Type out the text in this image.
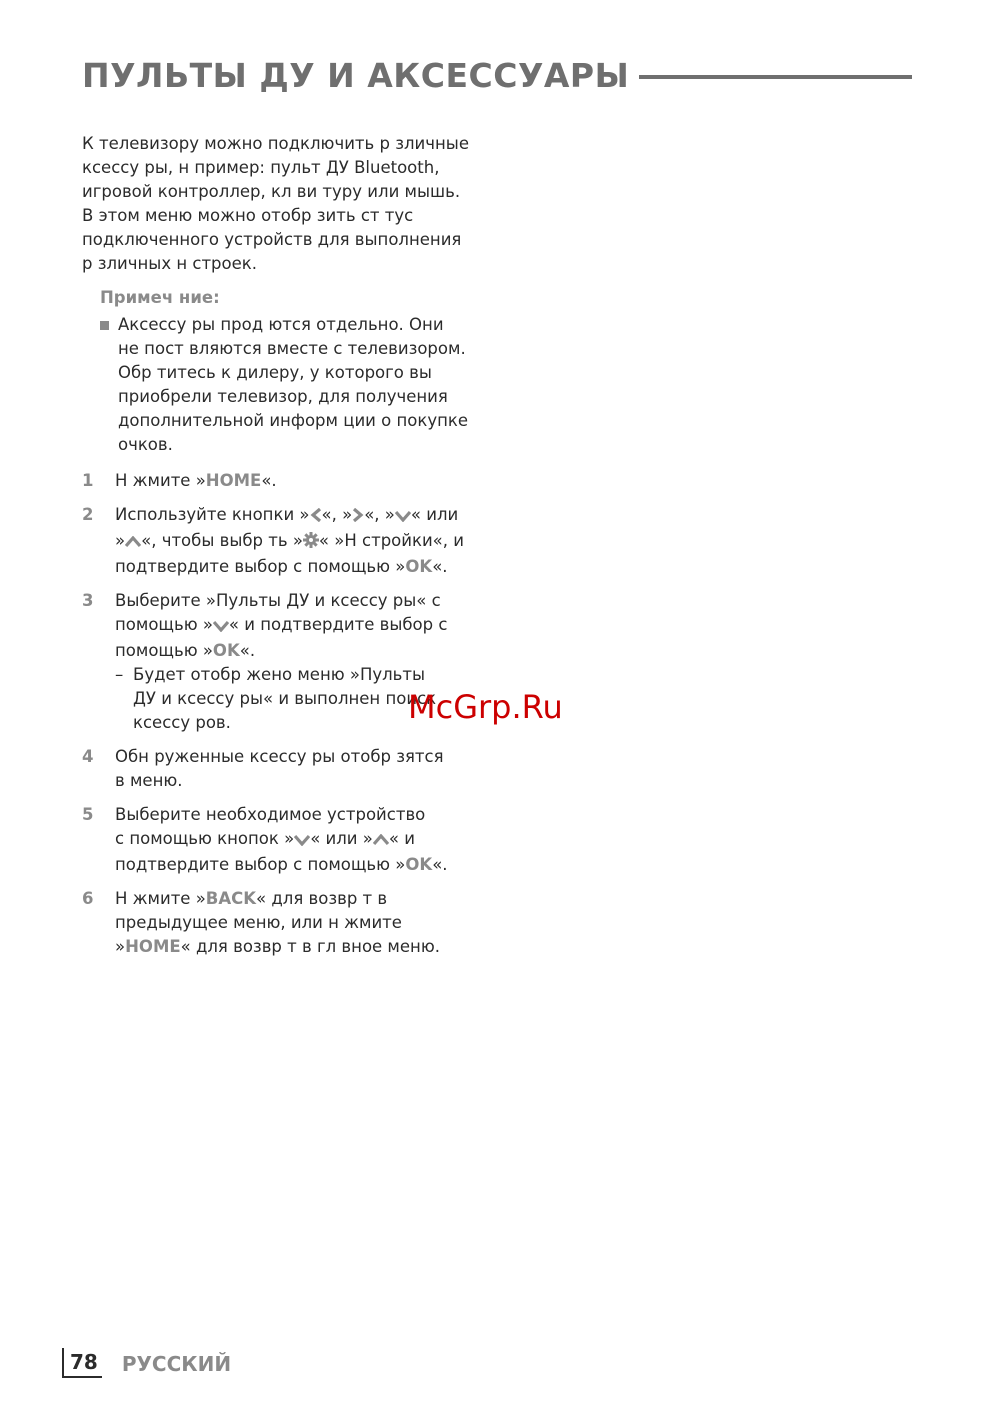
ПУЛЬТЫ ДУ И АКСЕССУАРЫ
К телевизору можно подключить р зличные
ксессу ры, н пример: пульт ДУ Bluetooth,
игровой контроллер, кл ви туру или мышь.
В этом меню можно отобр зить ст тус
подключенного устройств для выполнения
р зличных н строек.
Примеч ние:
Аксессу ры прод ются отдельно. Они
не пост вляются вместе с телевизором.
Обр титесь к дилеру, у которого вы
приобрели телевизор, для получения
дополнительной информ ции о покупке
очков.
1 Н жмите »HOME«.
2 Используйте кнопки » «, » «, » « или
» «, чтобы выбр ть » « »Н стройки«, и
подтвердите выбор с помощью »OK«.
3 Выберите »Пульты ДУ и ксессу ры« с
помощью » « и подтвердите выбор с
помощью »OK«.
– Будет отобр жено меню »Пульты
ДУ и ксессу ры« и выполнен поиск
ксессу ров.
4 Обн руженные ксессу ры отобр зятся
в меню.
5 Выберите необходимое устройство
с помощью кнопок » « или » « и
подтвердите выбор с помощью »OK«.
6 Н жмите »BACK« для возвр т в
предыдущее меню, или н жмите
»HOME« для возвр т в гл вное меню.
McGrp.Ru
78 РУССКИЙ
